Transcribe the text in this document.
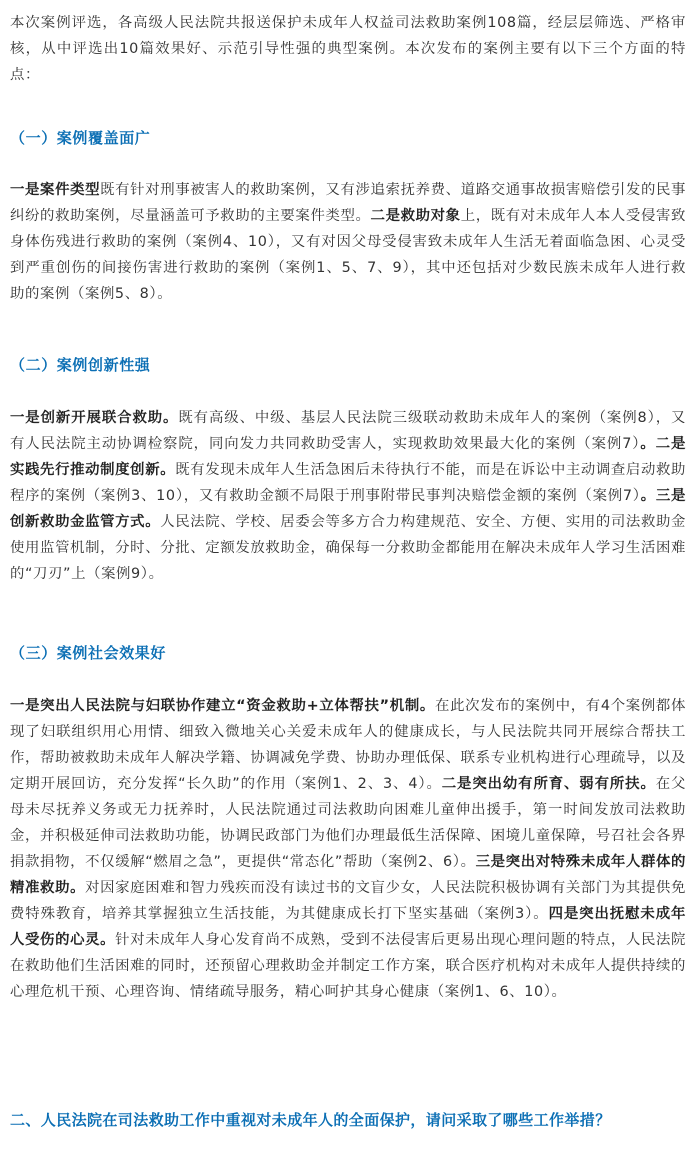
本次案例评选，各高级人民法院共报送保护未成年人权益司法救助案例108篇，经层层筛选、严格审核，从中评选出10篇效果好、示范引导性强的典型案例。本次发布的案例主要有以下三个方面的特点：

（一）案例覆盖面广

一是案件类型既有针对刑事被害人的救助案例，又有涉追索抚养费、道路交通事故损害赔偿引发的民事纠纷的救助案例，尽量涵盖可予救助的主要案件类型。二是救助对象上，既有对未成年人本人受侵害致身体伤残进行救助的案例（案例4、10），又有对因父母受侵害致未成年人生活无着面临急困、心灵受到严重创伤的间接伤害进行救助的案例（案例1、5、7、9），其中还包括对少数民族未成年人进行救助的案例（案例5、8）。

（二）案例创新性强

一是创新开展联合救助。既有高级、中级、基层人民法院三级联动救助未成年人的案例（案例8），又有人民法院主动协调检察院，同向发力共同救助受害人，实现救助效果最大化的案例（案例7）。二是实践先行推动制度创新。既有发现未成年人生活急困后未待执行不能，而是在诉讼中主动调查启动救助程序的案例（案例3、10），又有救助金额不局限于刑事附带民事判决赔偿金额的案例（案例7）。三是创新救助金监管方式。人民法院、学校、居委会等多方合力构建规范、安全、方便、实用的司法救助金使用监管机制，分时、分批、定额发放救助金，确保每一分救助金都能用在解决未成年人学习生活困难的“刀刃”上（案例9）。

（三）案例社会效果好

一是突出人民法院与妇联协作建立“资金救助+立体帮扶”机制。在此次发布的案例中，有4个案例都体现了妇联组织用心用情、细致入微地关心关爱未成年人的健康成长，与人民法院共同开展综合帮扶工作，帮助被救助未成年人解决学籍、协调减免学费、协助办理低保、联系专业机构进行心理疏导，以及定期开展回访，充分发挥“长久助”的作用（案例1、2、3、4）。二是突出幼有所育、弱有所扶。在父母未尽抚养义务或无力抚养时，人民法院通过司法救助向困难儿童伸出援手，第一时间发放司法救助金，并积极延伸司法救助功能，协调民政部门为他们办理最低生活保障、困境儿童保障，号召社会各界捐款捐物，不仅缓解“燃眉之急”，更提供“常态化”帮助（案例2、6）。三是突出对特殊未成年人群体的精准救助。对因家庭困难和智力残疾而没有读过书的文盲少女，人民法院积极协调有关部门为其提供免费特殊教育，培养其掌握独立生活技能，为其健康成长打下坚实基础（案例3）。四是突出抚慰未成年人受伤的心灵。针对未成年人身心发育尚不成熟，受到不法侵害后更易出现心理问题的特点，人民法院在救助他们生活困难的同时，还预留心理救助金并制定工作方案，联合医疗机构对未成年人提供持续的心理危机干预、心理咨询、情绪疏导服务，精心呵护其身心健康（案例1、6、10）。

二、人民法院在司法救助工作中重视对未成年人的全面保护，请问采取了哪些工作举措？
